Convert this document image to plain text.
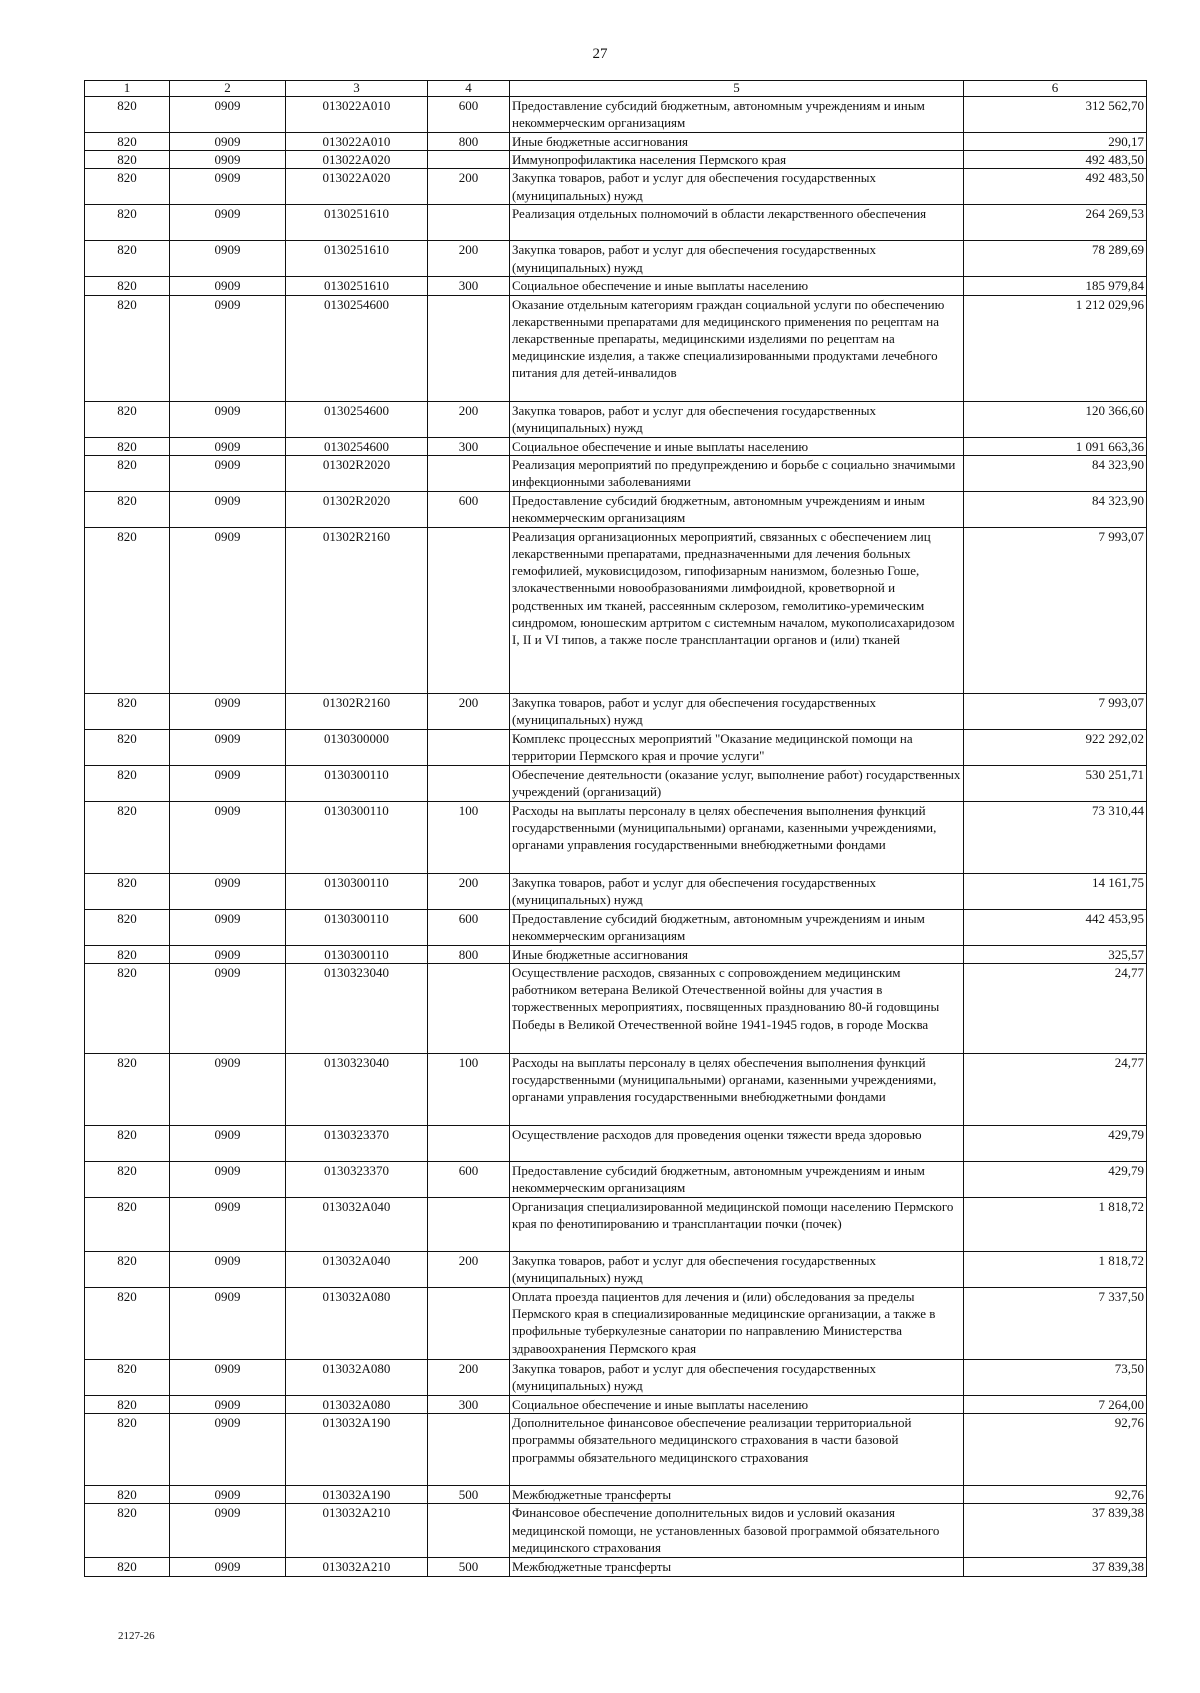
27
1	2	3	4	5	6
820	0909	013022A010	600	Предоставление субсидий бюджетным, автономным учреждениям и иным некоммерческим организациям	312 562,70
820	0909	013022A010	800	Иные бюджетные ассигнования	290,17
820	0909	013022A020		Иммунопрофилактика населения Пермского края	492 483,50
820	0909	013022A020	200	Закупка товаров, работ и услуг для обеспечения государственных (муниципальных) нужд	492 483,50
820	0909	0130251610		Реализация отдельных полномочий в области лекарственного обеспечения	264 269,53
820	0909	0130251610	200	Закупка товаров, работ и услуг для обеспечения государственных (муниципальных) нужд	78 289,69
820	0909	0130251610	300	Социальное обеспечение и иные выплаты населению	185 979,84
820	0909	0130254600		Оказание отдельным категориям граждан социальной услуги по обеспечению лекарственными препаратами для медицинского применения по рецептам на лекарственные препараты, медицинскими изделиями по рецептам на медицинские изделия, а также специализированными продуктами лечебного питания для детей-инвалидов	1 212 029,96
820	0909	0130254600	200	Закупка товаров, работ и услуг для обеспечения государственных (муниципальных) нужд	120 366,60
820	0909	0130254600	300	Социальное обеспечение и иные выплаты населению	1 091 663,36
820	0909	01302R2020		Реализация мероприятий по предупреждению и борьбе с социально значимыми инфекционными заболеваниями	84 323,90
820	0909	01302R2020	600	Предоставление субсидий бюджетным, автономным учреждениям и иным некоммерческим организациям	84 323,90
820	0909	01302R2160		Реализация организационных мероприятий, связанных с обеспечением лиц лекарственными препаратами, предназначенными для лечения больных гемофилией, муковисцидозом, гипофизарным нанизмом, болезнью Гоше, злокачественными новообразованиями лимфоидной, кроветворной и родственных им тканей, рассеянным склерозом, гемолитико-уремическим синдромом, юношеским артритом с системным началом, мукополисахаридозом I, II и VI типов, а также после трансплантации органов и (или) тканей	7 993,07
820	0909	01302R2160	200	Закупка товаров, работ и услуг для обеспечения государственных (муниципальных) нужд	7 993,07
820	0909	0130300000		Комплекс процессных мероприятий "Оказание медицинской помощи на территории Пермского края и прочие услуги"	922 292,02
820	0909	0130300110		Обеспечение деятельности (оказание услуг, выполнение работ) государственных учреждений (организаций)	530 251,71
820	0909	0130300110	100	Расходы на выплаты персоналу в целях обеспечения выполнения функций государственными (муниципальными) органами, казенными учреждениями, органами управления государственными внебюджетными фондами	73 310,44
820	0909	0130300110	200	Закупка товаров, работ и услуг для обеспечения государственных (муниципальных) нужд	14 161,75
820	0909	0130300110	600	Предоставление субсидий бюджетным, автономным учреждениям и иным некоммерческим организациям	442 453,95
820	0909	0130300110	800	Иные бюджетные ассигнования	325,57
820	0909	0130323040		Осуществление расходов, связанных с сопровождением медицинским работником ветерана Великой Отечественной войны для участия в торжественных мероприятиях, посвященных празднованию 80-й годовщины Победы в Великой Отечественной войне 1941-1945 годов, в городе Москва	24,77
820	0909	0130323040	100	Расходы на выплаты персоналу в целях обеспечения выполнения функций государственными (муниципальными) органами, казенными учреждениями, органами управления государственными внебюджетными фондами	24,77
820	0909	0130323370		Осуществление расходов для проведения оценки тяжести вреда здоровью	429,79
820	0909	0130323370	600	Предоставление субсидий бюджетным, автономным учреждениям и иным некоммерческим организациям	429,79
820	0909	013032A040		Организация специализированной медицинской помощи населению Пермского края по фенотипированию и трансплантации почки (почек)	1 818,72
820	0909	013032A040	200	Закупка товаров, работ и услуг для обеспечения государственных (муниципальных) нужд	1 818,72
820	0909	013032A080		Оплата проезда пациентов для лечения и (или) обследования за пределы Пермского края в специализированные медицинские организации, а также в профильные туберкулезные санатории по направлению Министерства здравоохранения Пермского края	7 337,50
820	0909	013032A080	200	Закупка товаров, работ и услуг для обеспечения государственных (муниципальных) нужд	73,50
820	0909	013032A080	300	Социальное обеспечение и иные выплаты населению	7 264,00
820	0909	013032A190		Дополнительное финансовое обеспечение реализации территориальной программы обязательного медицинского страхования в части базовой программы обязательного медицинского страхования	92,76
820	0909	013032A190	500	Межбюджетные трансферты	92,76
820	0909	013032A210		Финансовое обеспечение дополнительных видов и условий оказания медицинской помощи, не установленных базовой программой обязательного медицинского страхования	37 839,38
820	0909	013032A210	500	Межбюджетные трансферты	37 839,38
2127-26
